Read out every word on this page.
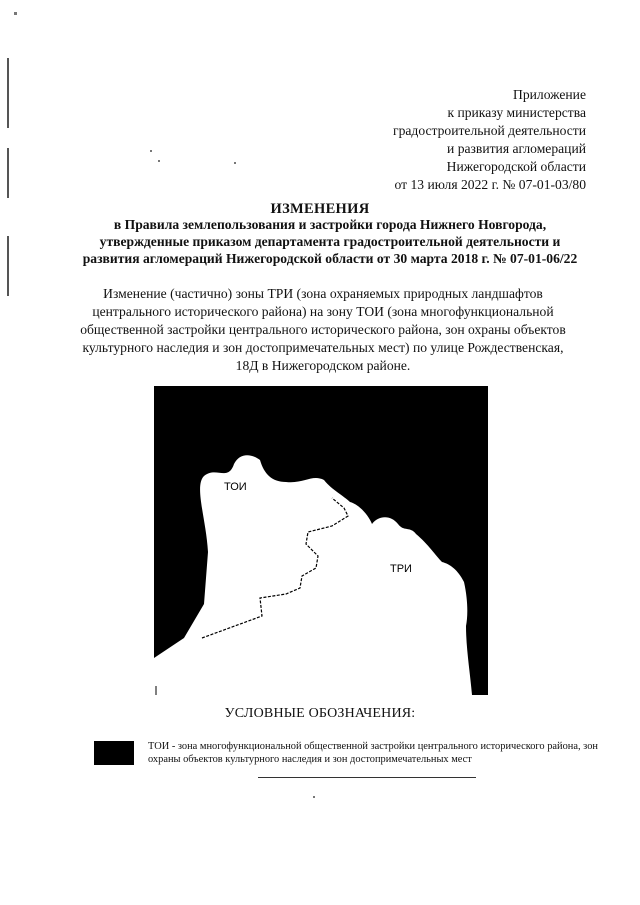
Приложение
к приказу министерства
градостроительной деятельности
и развития агломераций
Нижегородской области
от 13 июля 2022 г. № 07-01-03/80
ИЗМЕНЕНИЯ
в Правила землепользования и застройки города Нижнего Новгорода,
утвержденные приказом департамента градостроительной деятельности и
развития агломераций Нижегородской области от 30 марта 2018 г. № 07-01-06/22
Изменение (частично) зоны ТРИ (зона охраняемых природных ландшафтов
центрального исторического района) на зону ТОИ (зона многофункциональной
общественной застройки центрального исторического района, зон охраны объектов
культурного наследия и зон достопримечательных мест) по улице Рождественская,
18Д в Нижегородском районе.
ТОИ
ТРИ
УСЛОВНЫЕ ОБОЗНАЧЕНИЯ:
ТОИ - зона многофункциональной общественной застройки центрального исторического района, зон охраны объектов культурного наследия и зон достопримечательных мест
